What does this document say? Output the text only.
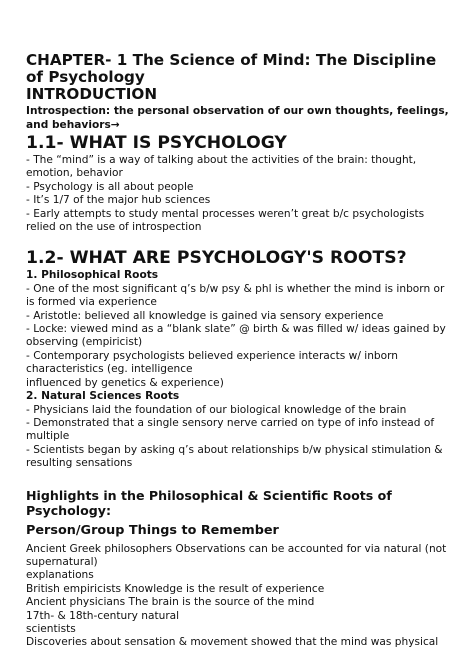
CHAPTER- 1 The Science of Mind: The Discipline of Psychology
INTRODUCTION
Introspection: the personal observation of our own thoughts, feelings, and behaviors→
1.1- WHAT IS PSYCHOLOGY
- The “mind” is a way of talking about the activities of the brain: thought, emotion, behavior
- Psychology is all about people
- It’s 1/7 of the major hub sciences
- Early attempts to study mental processes weren’t great b/c psychologists relied on the use of introspection
1.2- WHAT ARE PSYCHOLOGY'S ROOTS?
1. Philosophical Roots
- One of the most significant q’s b/w psy & phl is whether the mind is inborn or is formed via experience
- Aristotle: believed all knowledge is gained via sensory experience
- Locke: viewed mind as a “blank slate” @ birth & was filled w/ ideas gained by observing (empiricist)
- Contemporary psychologists believed experience interacts w/ inborn characteristics (eg. intelligence
influenced by genetics & experience)
2. Natural Sciences Roots
- Physicians laid the foundation of our biological knowledge of the brain
- Demonstrated that a single sensory nerve carried on type of info instead of multiple
- Scientists began by asking q’s about relationships b/w physical stimulation & resulting sensations
Highlights in the Philosophical & Scientific Roots of Psychology:
Person/Group Things to Remember
Ancient Greek philosophers Observations can be accounted for via natural (not supernatural)
explanations
British empiricists Knowledge is the result of experience
Ancient physicians The brain is the source of the mind
17th- & 18th-century natural
scientists
Discoveries about sensation & movement showed that the mind was physical
